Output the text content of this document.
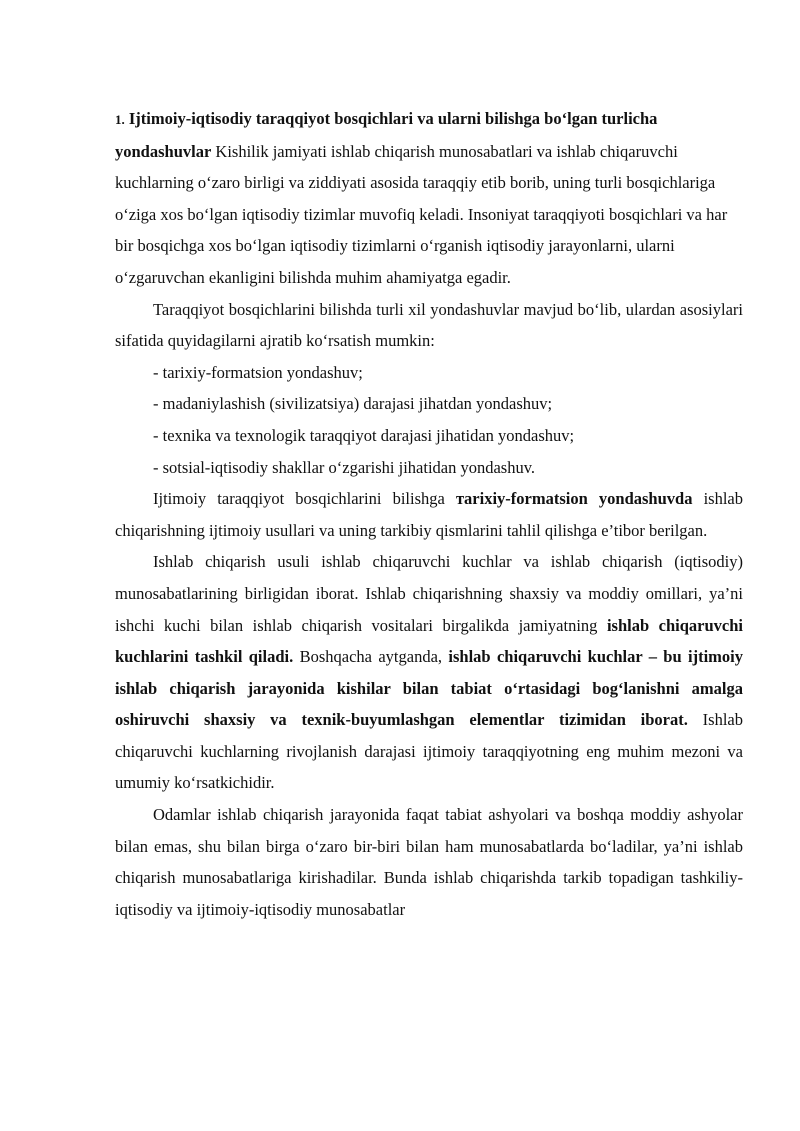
1. Ijtimoiy-iqtisodiy taraqqiyot bosqichlari va ularni bilishga bo‘lgan turlicha yondashuvlar Kishilik jamiyati ishlab chiqarish munosabatlari va ishlab chiqaruvchi kuchlarning o‘zaro birligi va ziddiyati asosida taraqqiy etib borib, uning turli bosqichlariga o‘ziga xos bo‘lgan iqtisodiy tizimlar muvofiq keladi. Insoniyat taraqqiyoti bosqichlari va har bir bosqichga xos bo‘lgan iqtisodiy tizimlarni o‘rganish iqtisodiy jarayonlarni, ularni o‘zgaruvchan ekanligini bilishda muhim ahamiyatga egadir.

Taraqqiyot bosqichlarini bilishda turli xil yondashuvlar mavjud bo‘lib, ulardan asosiylari sifatida quyidagilarni ajratib ko‘rsatish mumkin:

- tarixiy-formatsion yondashuv;

- madaniylashish (sivilizatsiya) darajasi jihatdan yondashuv;

- texnika va texnologik taraqqiyot darajasi jihatidan yondashuv;

- sotsial-iqtisodiy shakllar o‘zgarishi jihatidan yondashuv.

Ijtimoiy taraqqiyot bosqichlarini bilishga тarixiy-formatsion yondashuvda ishlab chiqarishning ijtimoiy usullari va uning tarkibiy qismlarini tahlil qilishga e’tibor berilgan.

Ishlab chiqarish usuli ishlab chiqaruvchi kuchlar va ishlab chiqarish (iqtisodiy) munosabatlarining birligidan iborat. Ishlab chiqarishning shaxsiy va moddiy omillari, ya’ni ishchi kuchi bilan ishlab chiqarish vositalari birgalikda jamiyatning ishlab chiqaruvchi kuchlarini tashkil qiladi. Boshqacha aytganda, ishlab chiqaruvchi kuchlar – bu ijtimoiy ishlab chiqarish jarayonida kishilar bilan tabiat o‘rtasidagi bog‘lanishni amalga oshiruvchi shaxsiy va texnik-buyumlashgan elementlar tizimidan iborat. Ishlab chiqaruvchi kuchlarning rivojlanish darajasi ijtimoiy taraqqiyotning eng muhim mezoni va umumiy ko‘rsatkichidir.

Odamlar ishlab chiqarish jarayonida faqat tabiat ashyolari va boshqa moddiy ashyolar bilan emas, shu bilan birga o‘zaro bir-biri bilan ham munosabatlarda bo‘ladilar, ya’ni ishlab chiqarish munosabatlariga kirishadilar. Bunda ishlab chiqarishda tarkib topadigan tashkiliy-iqtisodiy va ijtimoiy-iqtisodiy munosabatlar
